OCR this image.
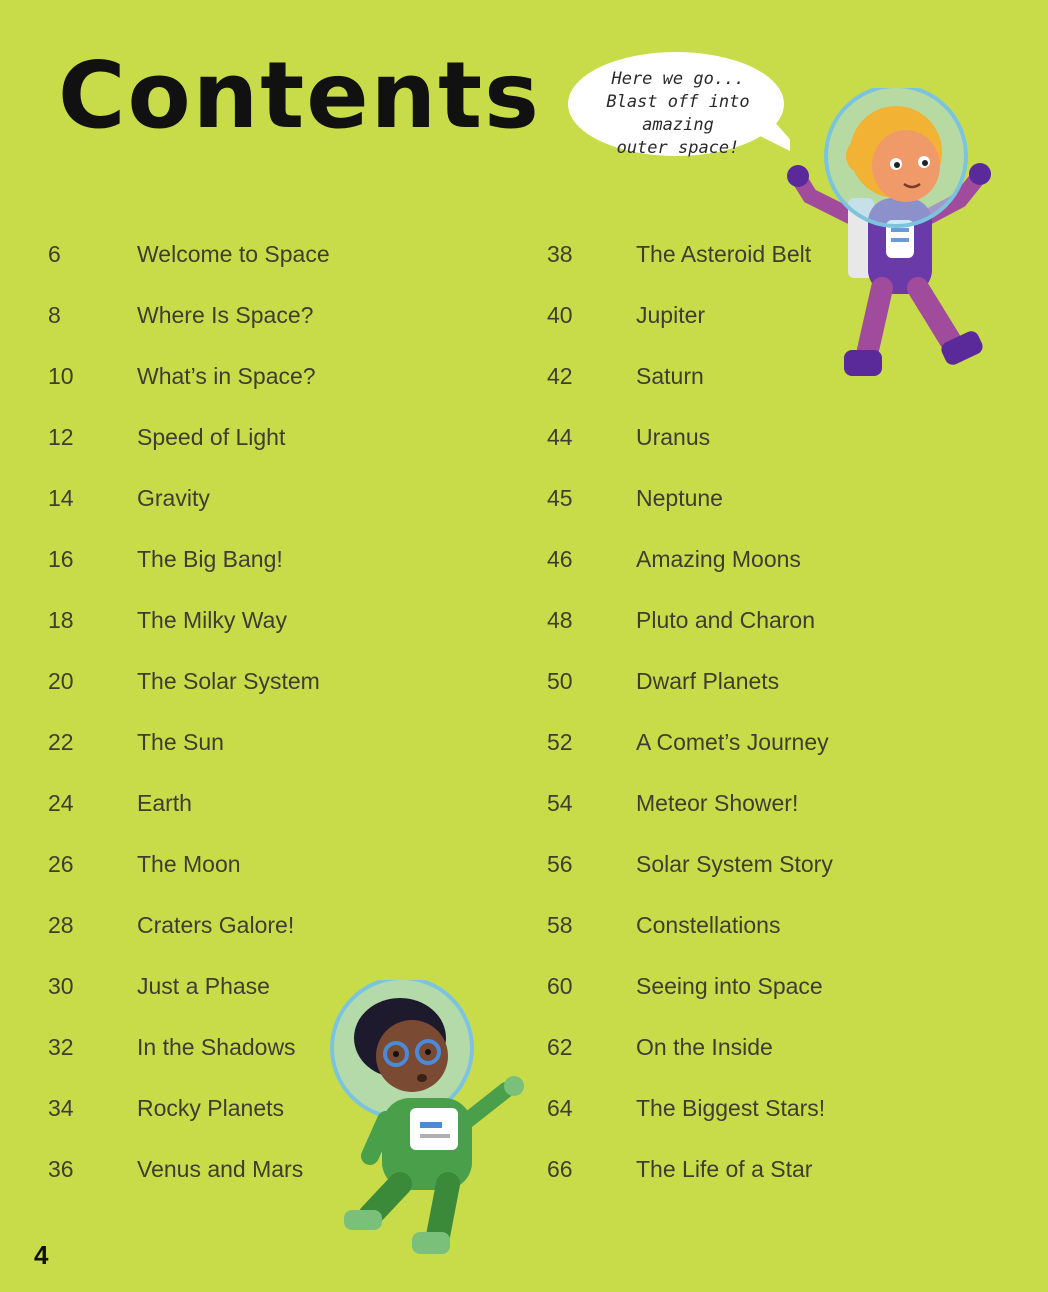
Contents	Here we go...
Blast off into amazing
outer space!
6	Welcome to Space
8	Where Is Space?
10	What’s in Space?
12	Speed of Light
14	Gravity
16	The Big Bang!
18	The Milky Way
20	The Solar System
22	The Sun
24	Earth
26	The Moon
28	Craters Galore!
30	Just a Phase
32	In the Shadows
34	Rocky Planets
36	Venus and Mars
38	The Asteroid Belt
40	Jupiter
42	Saturn
44	Uranus
45	Neptune
46	Amazing Moons
48	Pluto and Charon
50	Dwarf Planets
52	A Comet’s Journey
54	Meteor Shower!
56	Solar System Story
58	Constellations
60	Seeing into Space
62	On the Inside
64	The Biggest Stars!
66	The Life of a Star
4
